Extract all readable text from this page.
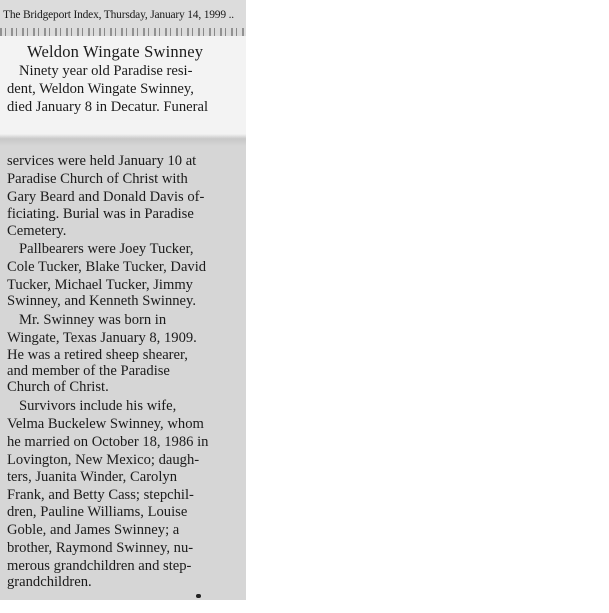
The Bridgeport Index, Thursday, January 14, 1999 ..
Weldon Wingate Swinney
Ninety year old Paradise resi-
dent, Weldon Wingate Swinney,
died January 8 in Decatur. Funeral
services were held January 10 at
Paradise Church of Christ with
Gary Beard and Donald Davis of-
ficiating. Burial was in Paradise
Cemetery.
Pallbearers were Joey Tucker,
Cole Tucker, Blake Tucker, David
Tucker, Michael Tucker, Jimmy
Swinney, and Kenneth Swinney.
Mr. Swinney was born in
Wingate, Texas January 8, 1909.
He was a retired sheep shearer,
and member of the Paradise
Church of Christ.
Survivors include his wife,
Velma Buckelew Swinney, whom
he married on October 18, 1986 in
Lovington, New Mexico; daugh-
ters, Juanita Winder, Carolyn
Frank, and Betty Cass; stepchil-
dren, Pauline Williams, Louise
Goble, and James Swinney; a
brother, Raymond Swinney, nu-
merous grandchildren and step-
grandchildren.
